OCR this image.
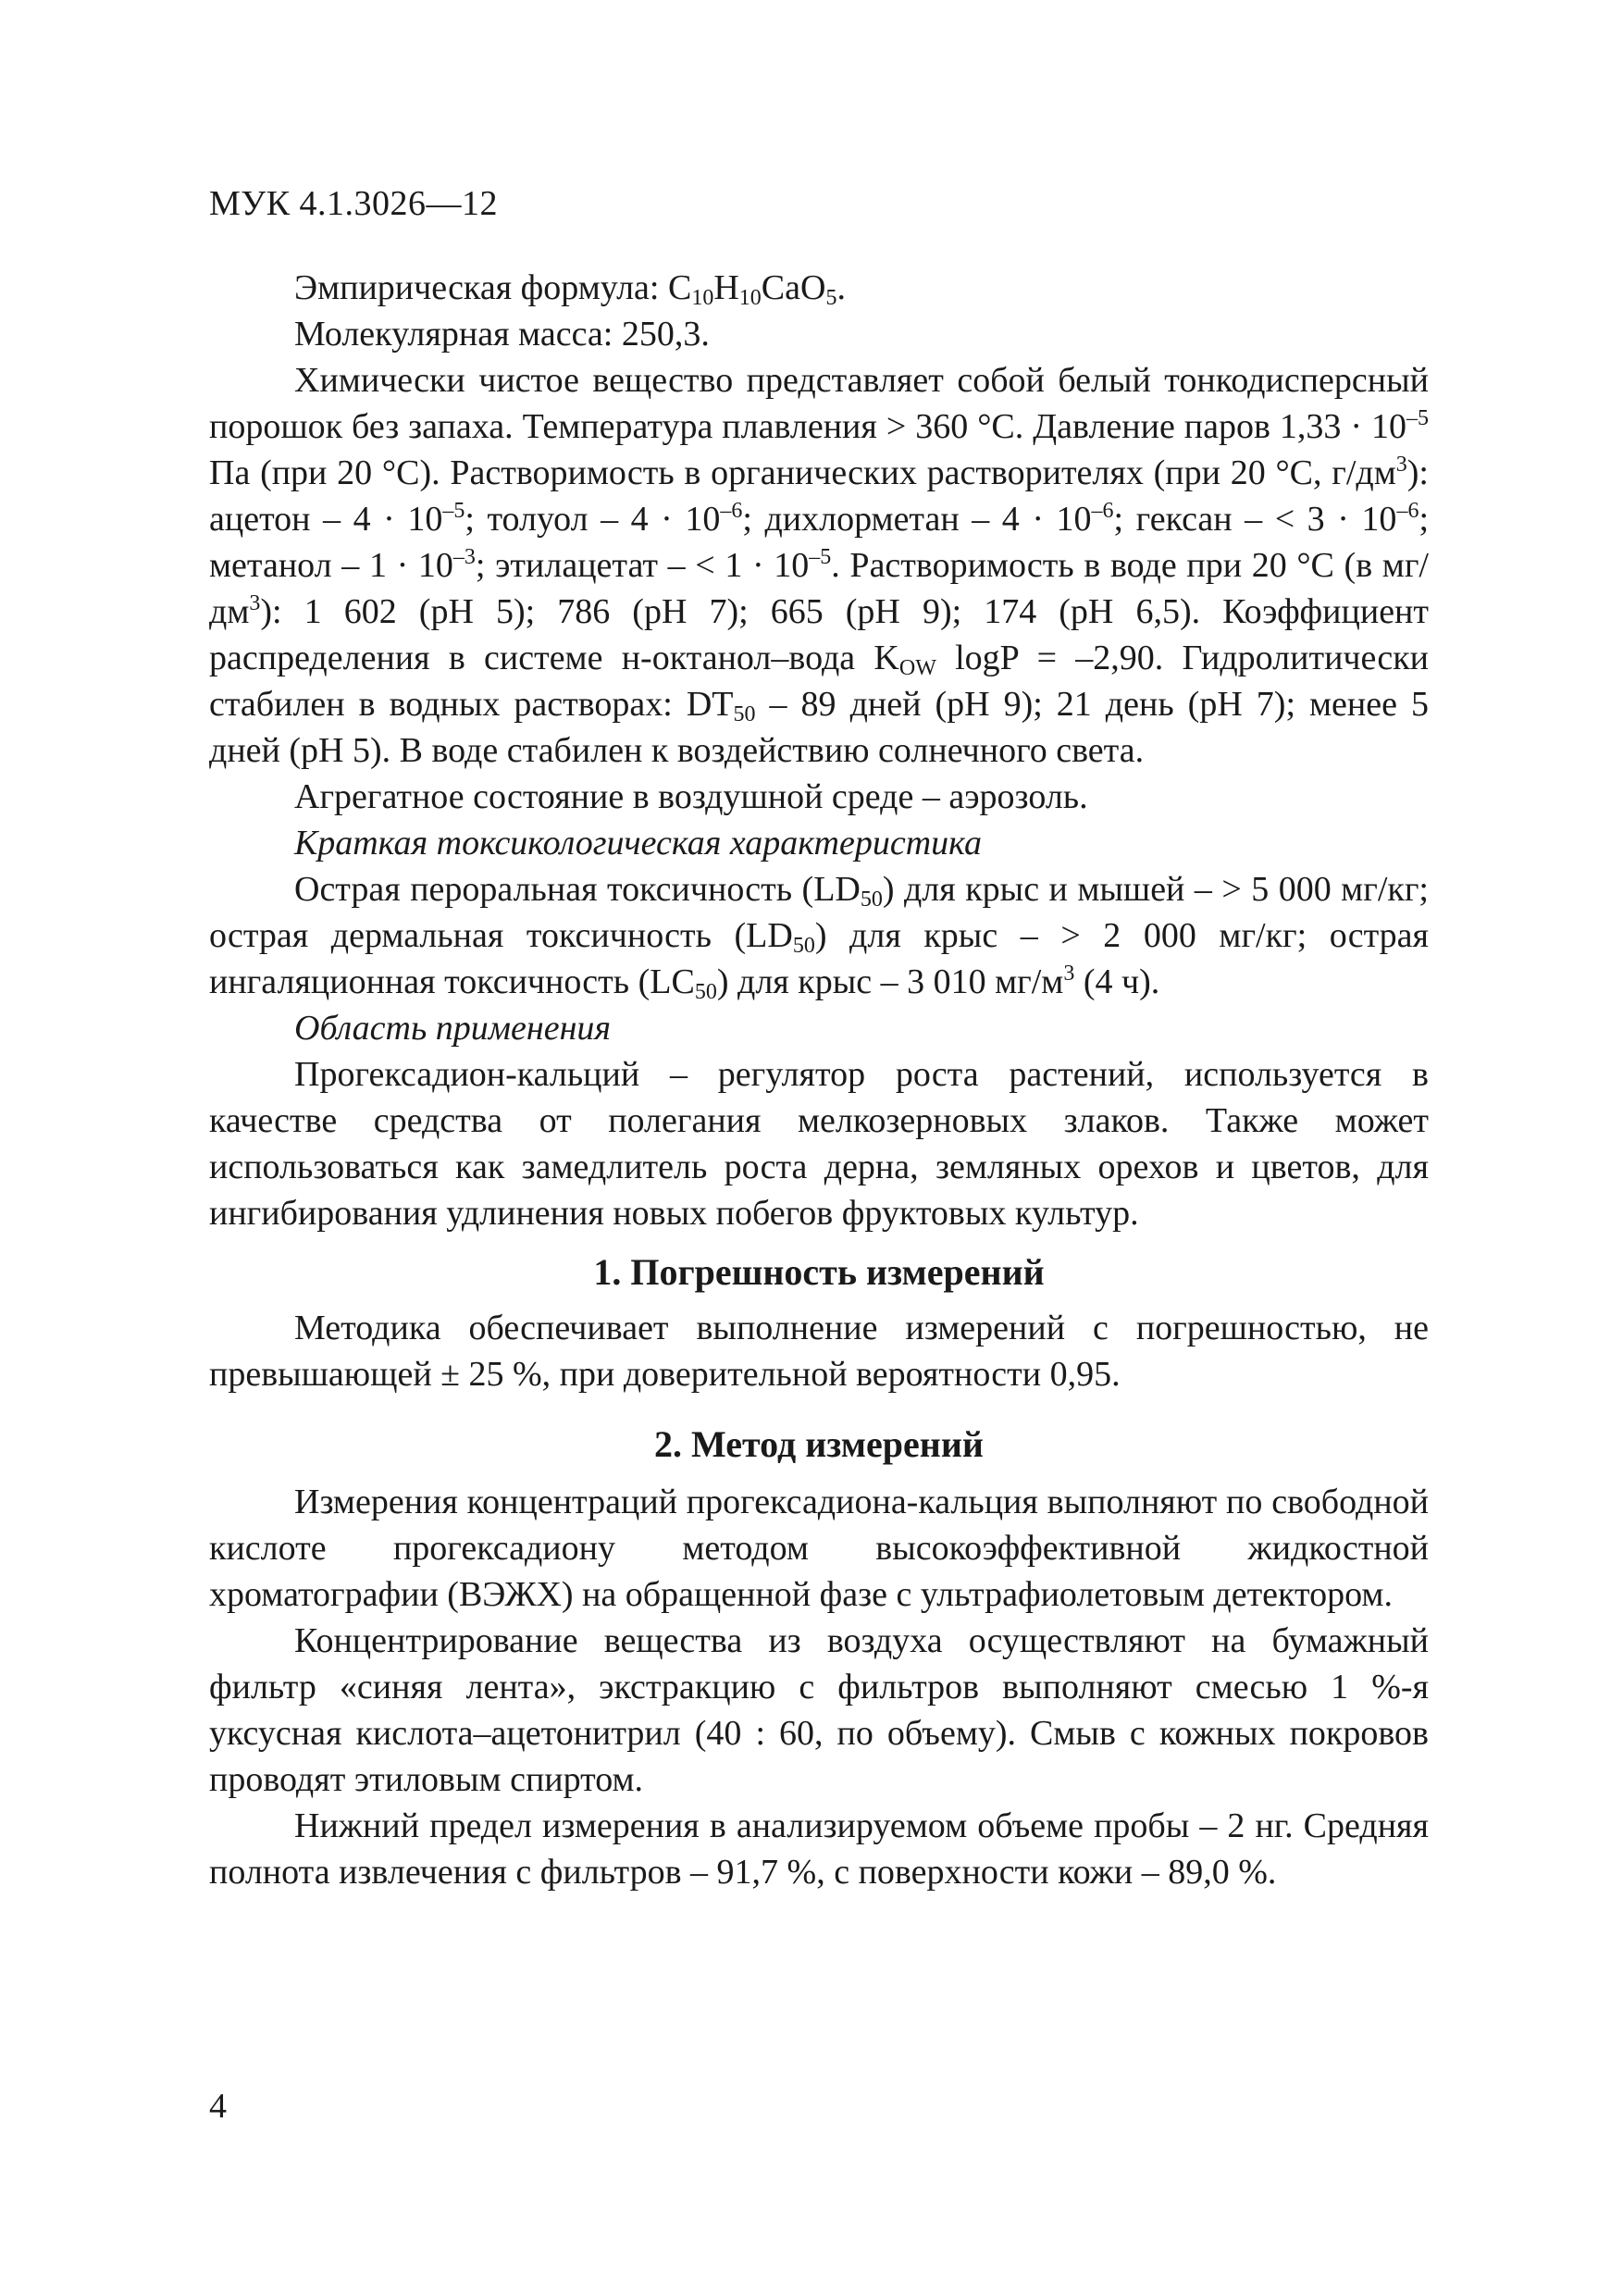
МУК 4.1.3026—12

Эмпирическая формула: $C_{10}H_{10}CaO_5$.

Молекулярная масса: 250,3.

Химически чистое вещество представляет собой белый тонкодисперсный порошок без запаха. Температура плавления > 360 °С. Давление паров $1,33 \cdot 10^{-5}$ Па (при 20 °С). Растворимость в органических растворителях (при 20 °С, $г/дм^3$): ацетон – $4 \cdot 10^{-5}$; толуол – $4 \cdot 10^{-6}$; дихлорметан – $4 \cdot 10^{-6}$; гексан – < $3 \cdot 10^{-6}$; метанол – $1 \cdot 10^{-3}$; этилацетат – < $1 \cdot 10^{-5}$. Растворимость в воде при 20 °С (в $мг/дм^3$): 1 602 (pH 5); 786 (pH 7); 665 (pH 9); 174 (pH 6,5). Коэффициент распределения в системе н-октанол–вода $K_{OW}$ logP = –2,90. Гидролитически стабилен в водных растворах: $DT_{50} - 89$ дней (pH 9); 21 день (pH 7); менее 5 дней (pH 5). В воде стабилен к воздействию солнечного света.

Агрегатное состояние в воздушной среде – аэрозоль.

Краткая токсикологическая характеристика

Острая пероральная токсичность $(LD_{50})$ для крыс и мышей – > 5 000 мг/кг; острая дермальная токсичность $(LD_{50})$ для крыс – > 2 000 мг/кг; острая ингаляционная токсичность $(LC_{50})$ для крыс – 3 010 $мг/м^3$ (4 ч).

Область применения

Прогексадион-кальций – регулятор роста растений, используется в качестве средства от полегания мелкозерновых злаков. Также может использоваться как замедлитель роста дерна, земляных орехов и цветов, для ингибирования удлинения новых побегов фруктовых культур.

1. Погрешность измерений

Методика обеспечивает выполнение измерений с погрешностью, не превышающей ± 25 %, при доверительной вероятности 0,95.

2. Метод измерений

Измерения концентраций прогексадиона-кальция выполняют по свободной кислоте прогексадиону методом высокоэффективной жидкостной хроматографии (ВЭЖХ) на обращенной фазе с ультрафиолетовым детектором.

Концентрирование вещества из воздуха осуществляют на бумажный фильтр «синяя лента», экстракцию с фильтров выполняют смесью 1 %-я уксусная кислота–ацетонитрил (40 : 60, по объему). Смыв с кожных покровов проводят этиловым спиртом.

Нижний предел измерения в анализируемом объеме пробы – 2 нг. Средняя полнота извлечения с фильтров – 91,7 %, с поверхности кожи – 89,0 %.

4
